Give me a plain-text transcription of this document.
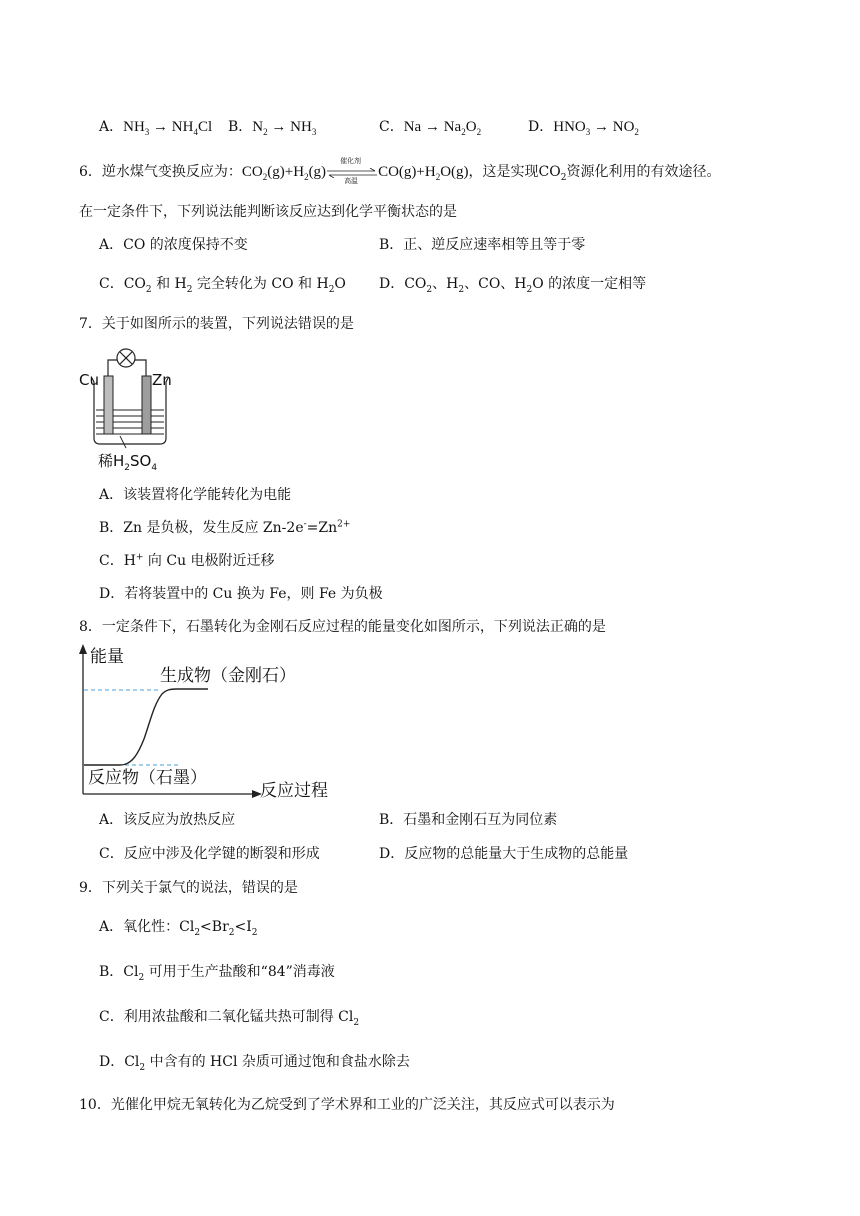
A．$NH_3 \to NH_4Cl$ B．$N_2 \to NH_3$	C．$Na \to Na_2O_2$	D．$HNO_3 \to NO_2$
6．逆水煤气变换反应为：$CO_2(g)+H_2(g)$
催化剂
高温
$CO(g)+H_2O(g)$，这是实现$CO_2$资源化利用的有效途径。
在一定条件下，下列说法能判断该反应达到化学平衡状态的是
A．CO 的浓度保持不变	B．正、逆反应速率相等且等于零
C．$CO_2$ 和 $H_2$ 完全转化为 CO 和 $H_2O$ D．$CO_2$、$H_2$、CO、$H_2O$ 的浓度一定相等
7．关于如图所示的装置，下列说法错误的是
Cu	Zn
稀$H_2SO_4$
A．该装置将化学能转化为电能
B．Zn 是负极，发生反应 $Zn-2e^-=Zn^{2+}$
C．H+ 向 Cu 电极附近迁移
D．若将装置中的 Cu 换为 Fe，则 Fe 为负极
8．一定条件下，石墨转化为金刚石反应过程的能量变化如图所示，下列说法正确的是
能量
生成物（金刚石）
反应物（石墨）
反应过程
A．该反应为放热反应	B．石墨和金刚石互为同位素
C．反应中涉及化学键的断裂和形成	D．反应物的总能量大于生成物的总能量
9．下列关于氯气的说法，错误的是
A．氧化性：$Cl_2<Br_2<I_2$
B．$Cl_2$ 可用于生产盐酸和“84”消毒液
C．利用浓盐酸和二氧化锰共热可制得 $Cl_2$
D．$Cl_2$ 中含有的 HCl 杂质可通过饱和食盐水除去
10．光催化甲烷无氧转化为乙烷受到了学术界和工业的广泛关注，其反应式可以表示为
